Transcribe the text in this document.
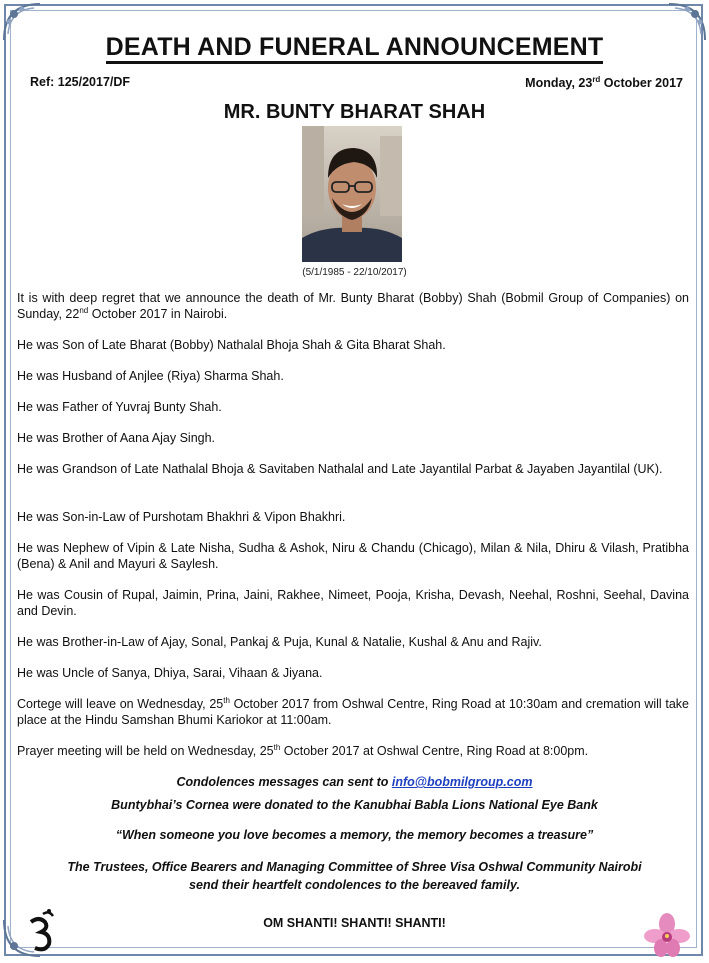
DEATH AND FUNERAL ANNOUNCEMENT
Ref: 125/2017/DF	Monday, 23rd October 2017
MR. BUNTY BHARAT SHAH
(5/1/1985 - 22/10/2017)
It is with deep regret that we announce the death of Mr. Bunty Bharat (Bobby) Shah (Bobmil Group of Companies) on Sunday, 22nd October 2017 in Nairobi.
He was Son of Late Bharat (Bobby) Nathalal Bhoja Shah & Gita Bharat Shah.
He was Husband of Anjlee (Riya) Sharma Shah.
He was Father of Yuvraj Bunty Shah.
He was Brother of Aana Ajay Singh.
He was Grandson of Late Nathalal Bhoja & Savitaben Nathalal and Late Jayantilal Parbat & Jayaben Jayantilal (UK).
He was Son-in-Law of Purshotam Bhakhri & Vipon Bhakhri.
He was Nephew of Vipin & Late Nisha, Sudha & Ashok, Niru & Chandu (Chicago), Milan & Nila, Dhiru & Vilash, Pratibha (Bena) & Anil and Mayuri & Saylesh.
He was Cousin of Rupal, Jaimin, Prina, Jaini, Rakhee, Nimeet, Pooja, Krisha, Devash, Neehal, Roshni, Seehal, Davina and Devin.
He was Brother-in-Law of Ajay, Sonal, Pankaj & Puja, Kunal & Natalie, Kushal & Anu and Rajiv.
He was Uncle of Sanya, Dhiya, Sarai, Vihaan & Jiyana.
Cortege will leave on Wednesday, 25th October 2017 from Oshwal Centre, Ring Road at 10:30am and cremation will take place at the Hindu Samshan Bhumi Kariokor at 11:00am.
Prayer meeting will be held on Wednesday, 25th October 2017 at Oshwal Centre, Ring Road at 8:00pm.
Condolences messages can sent to info@bobmilgroup.com
Buntybhai’s Cornea were donated to the Kanubhai Babla Lions National Eye Bank
“When someone you love becomes a memory, the memory becomes a treasure”
The Trustees, Office Bearers and Managing Committee of Shree Visa Oshwal Community Nairobi
send their heartfelt condolences to the bereaved family.
OM SHANTI! SHANTI! SHANTI!
